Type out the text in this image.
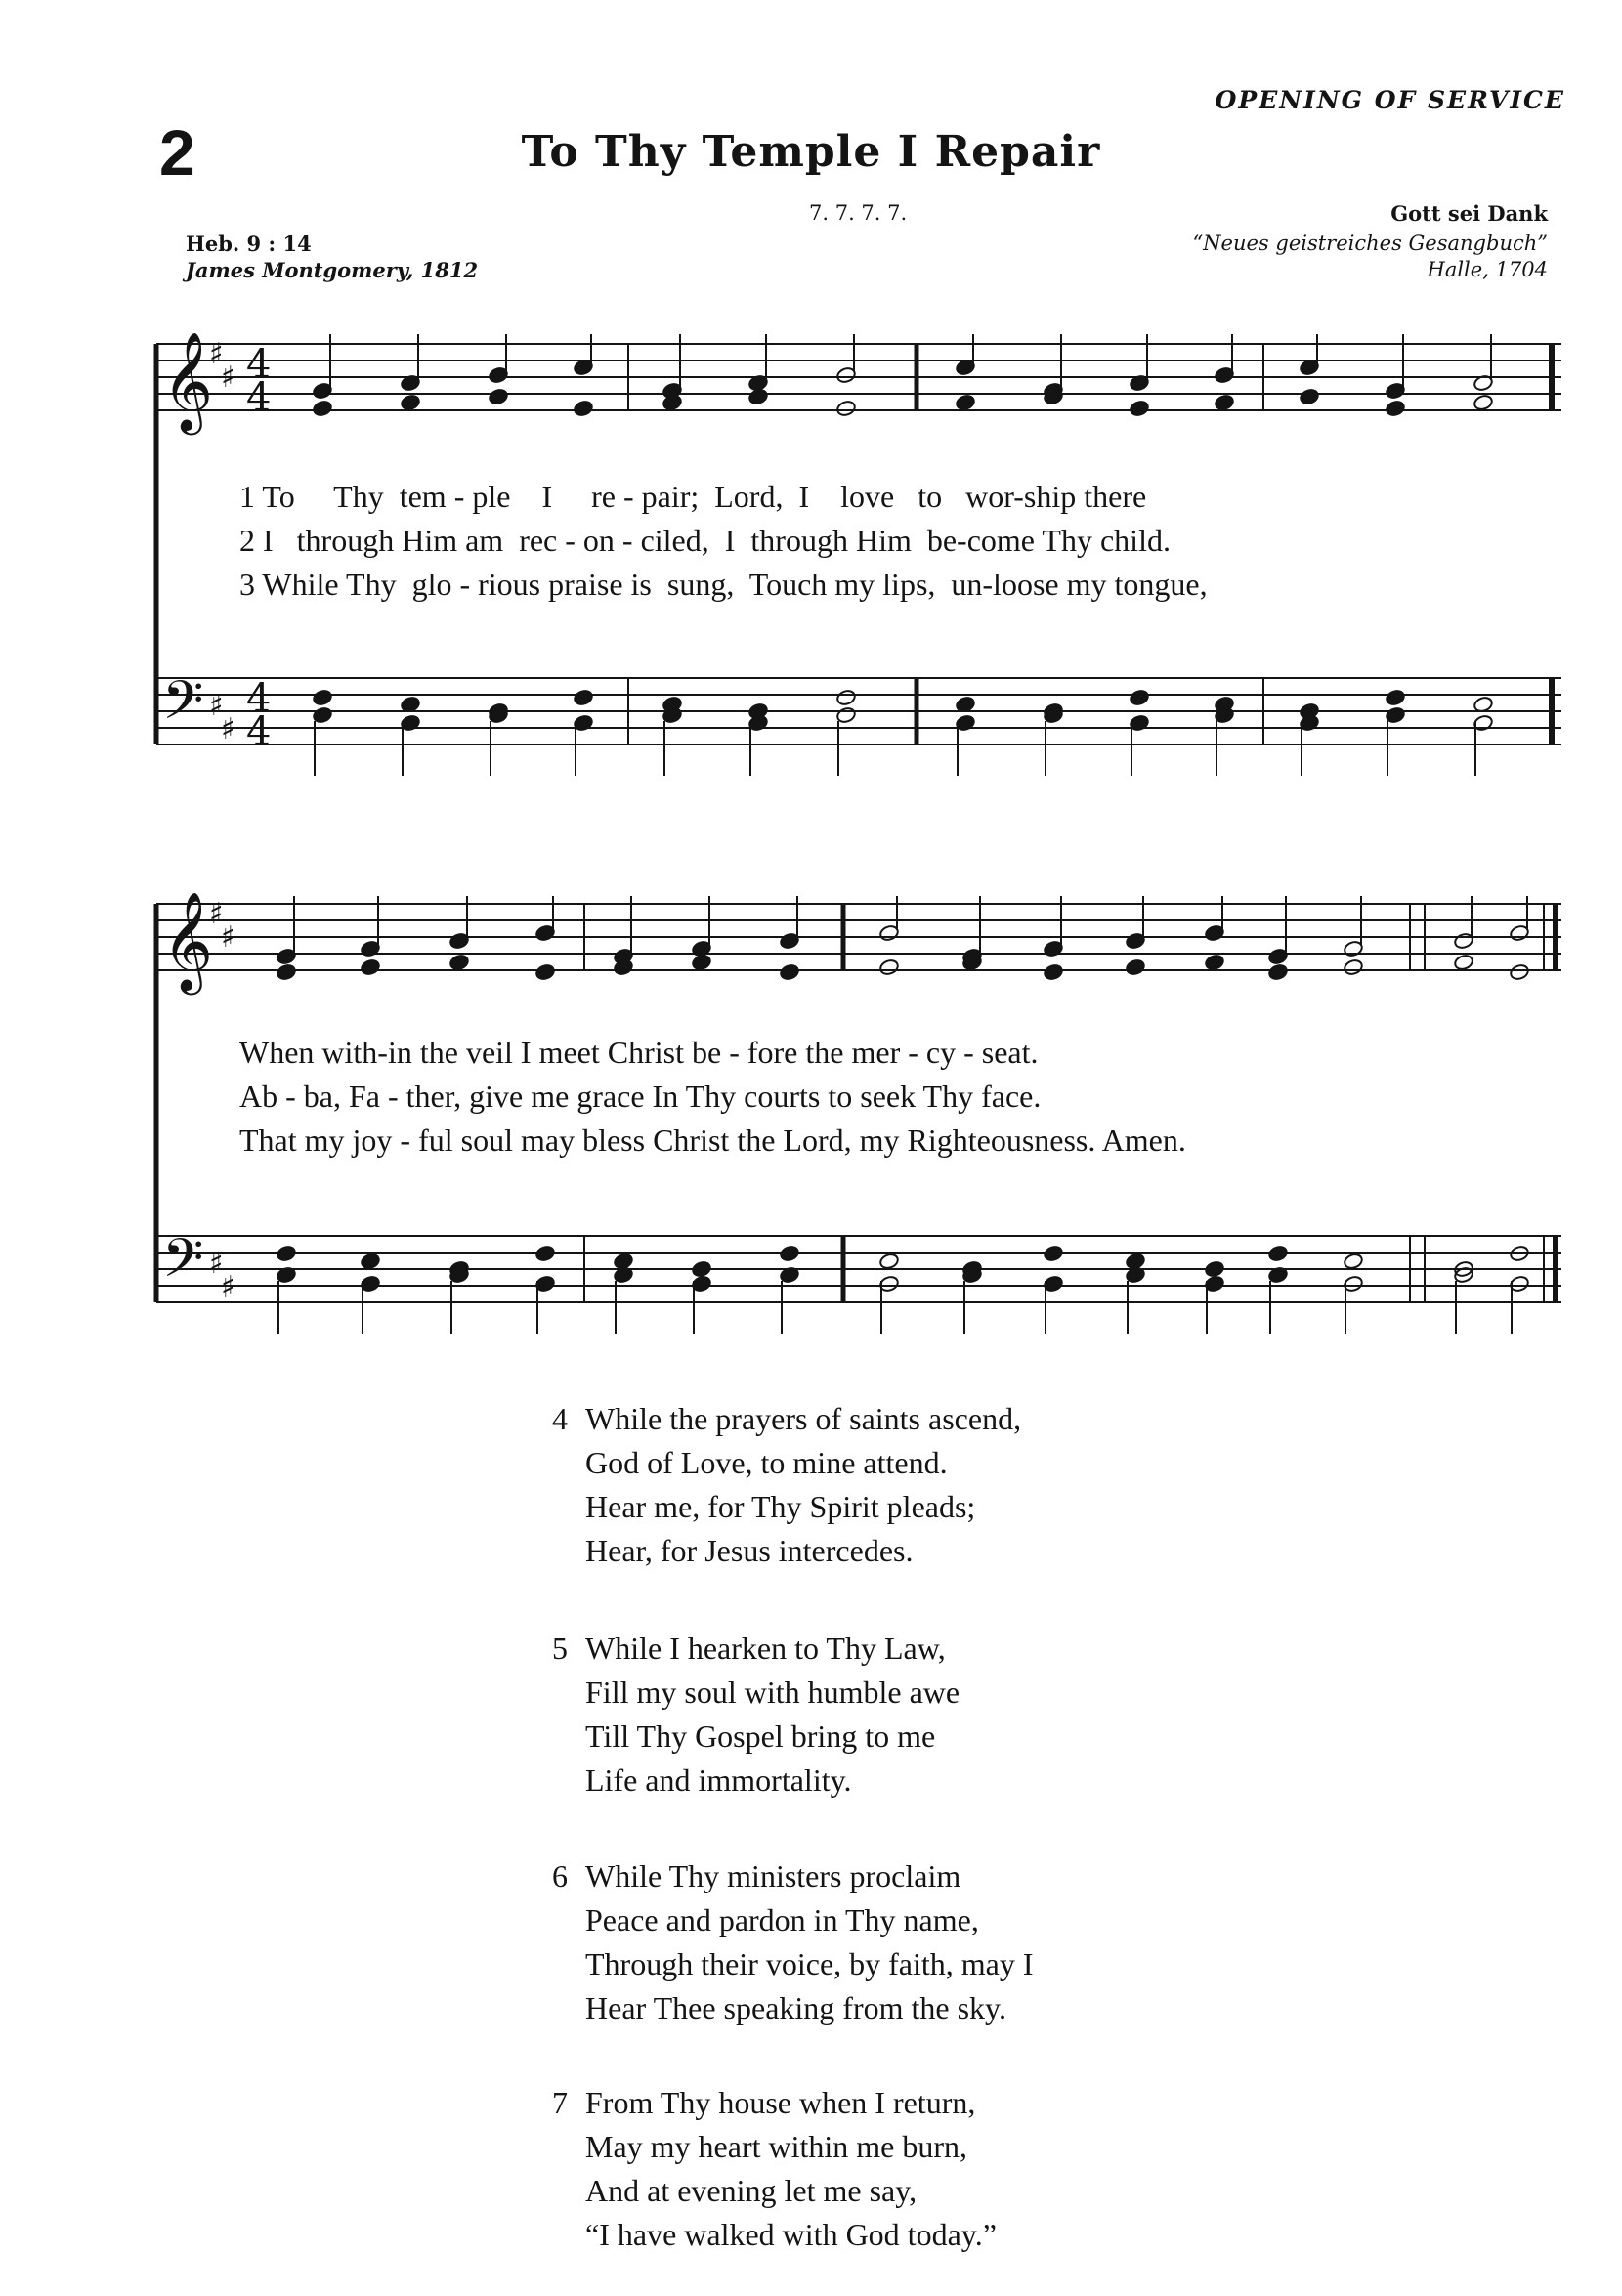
OPENING OF SERVICE
2	To Thy Temple I Repair
7. 7. 7. 7.
Heb. 9 : 14
James Montgomery, 1812
Gott sei Dank
“Neues geistreiches Gesangbuch”
Halle, 1704
𝄞
♯
♯ 4
4
𝄢 ♯
♯
4
4
𝄞
♯
♯
𝄢 ♯
♯
1 To     Thy  tem - ple    I     re - pair;  Lord,  I    love   to   wor-ship there
2 I   through Him am  rec - on - ciled,  I  through Him  be-come Thy child.
3 While Thy  glo - rious praise is  sung,  Touch my lips,  un-loose my tongue,
When with-in the veil I meet Christ be - fore the mer - cy - seat.
Ab - ba, Fa - ther, give me grace In Thy courts to seek Thy face.
That my joy - ful soul may bless Christ the Lord, my Righteousness. Amen.
4 While the prayers of saints ascend,
God of Love, to mine attend.
Hear me, for Thy Spirit pleads;
Hear, for Jesus intercedes.
5 While I hearken to Thy Law,
Fill my soul with humble awe
Till Thy Gospel bring to me
Life and immortality.
6 While Thy ministers proclaim
Peace and pardon in Thy name,
Through their voice, by faith, may I
Hear Thee speaking from the sky.
7 From Thy house when I return,
May my heart within me burn,
And at evening let me say,
“I have walked with God today.”
